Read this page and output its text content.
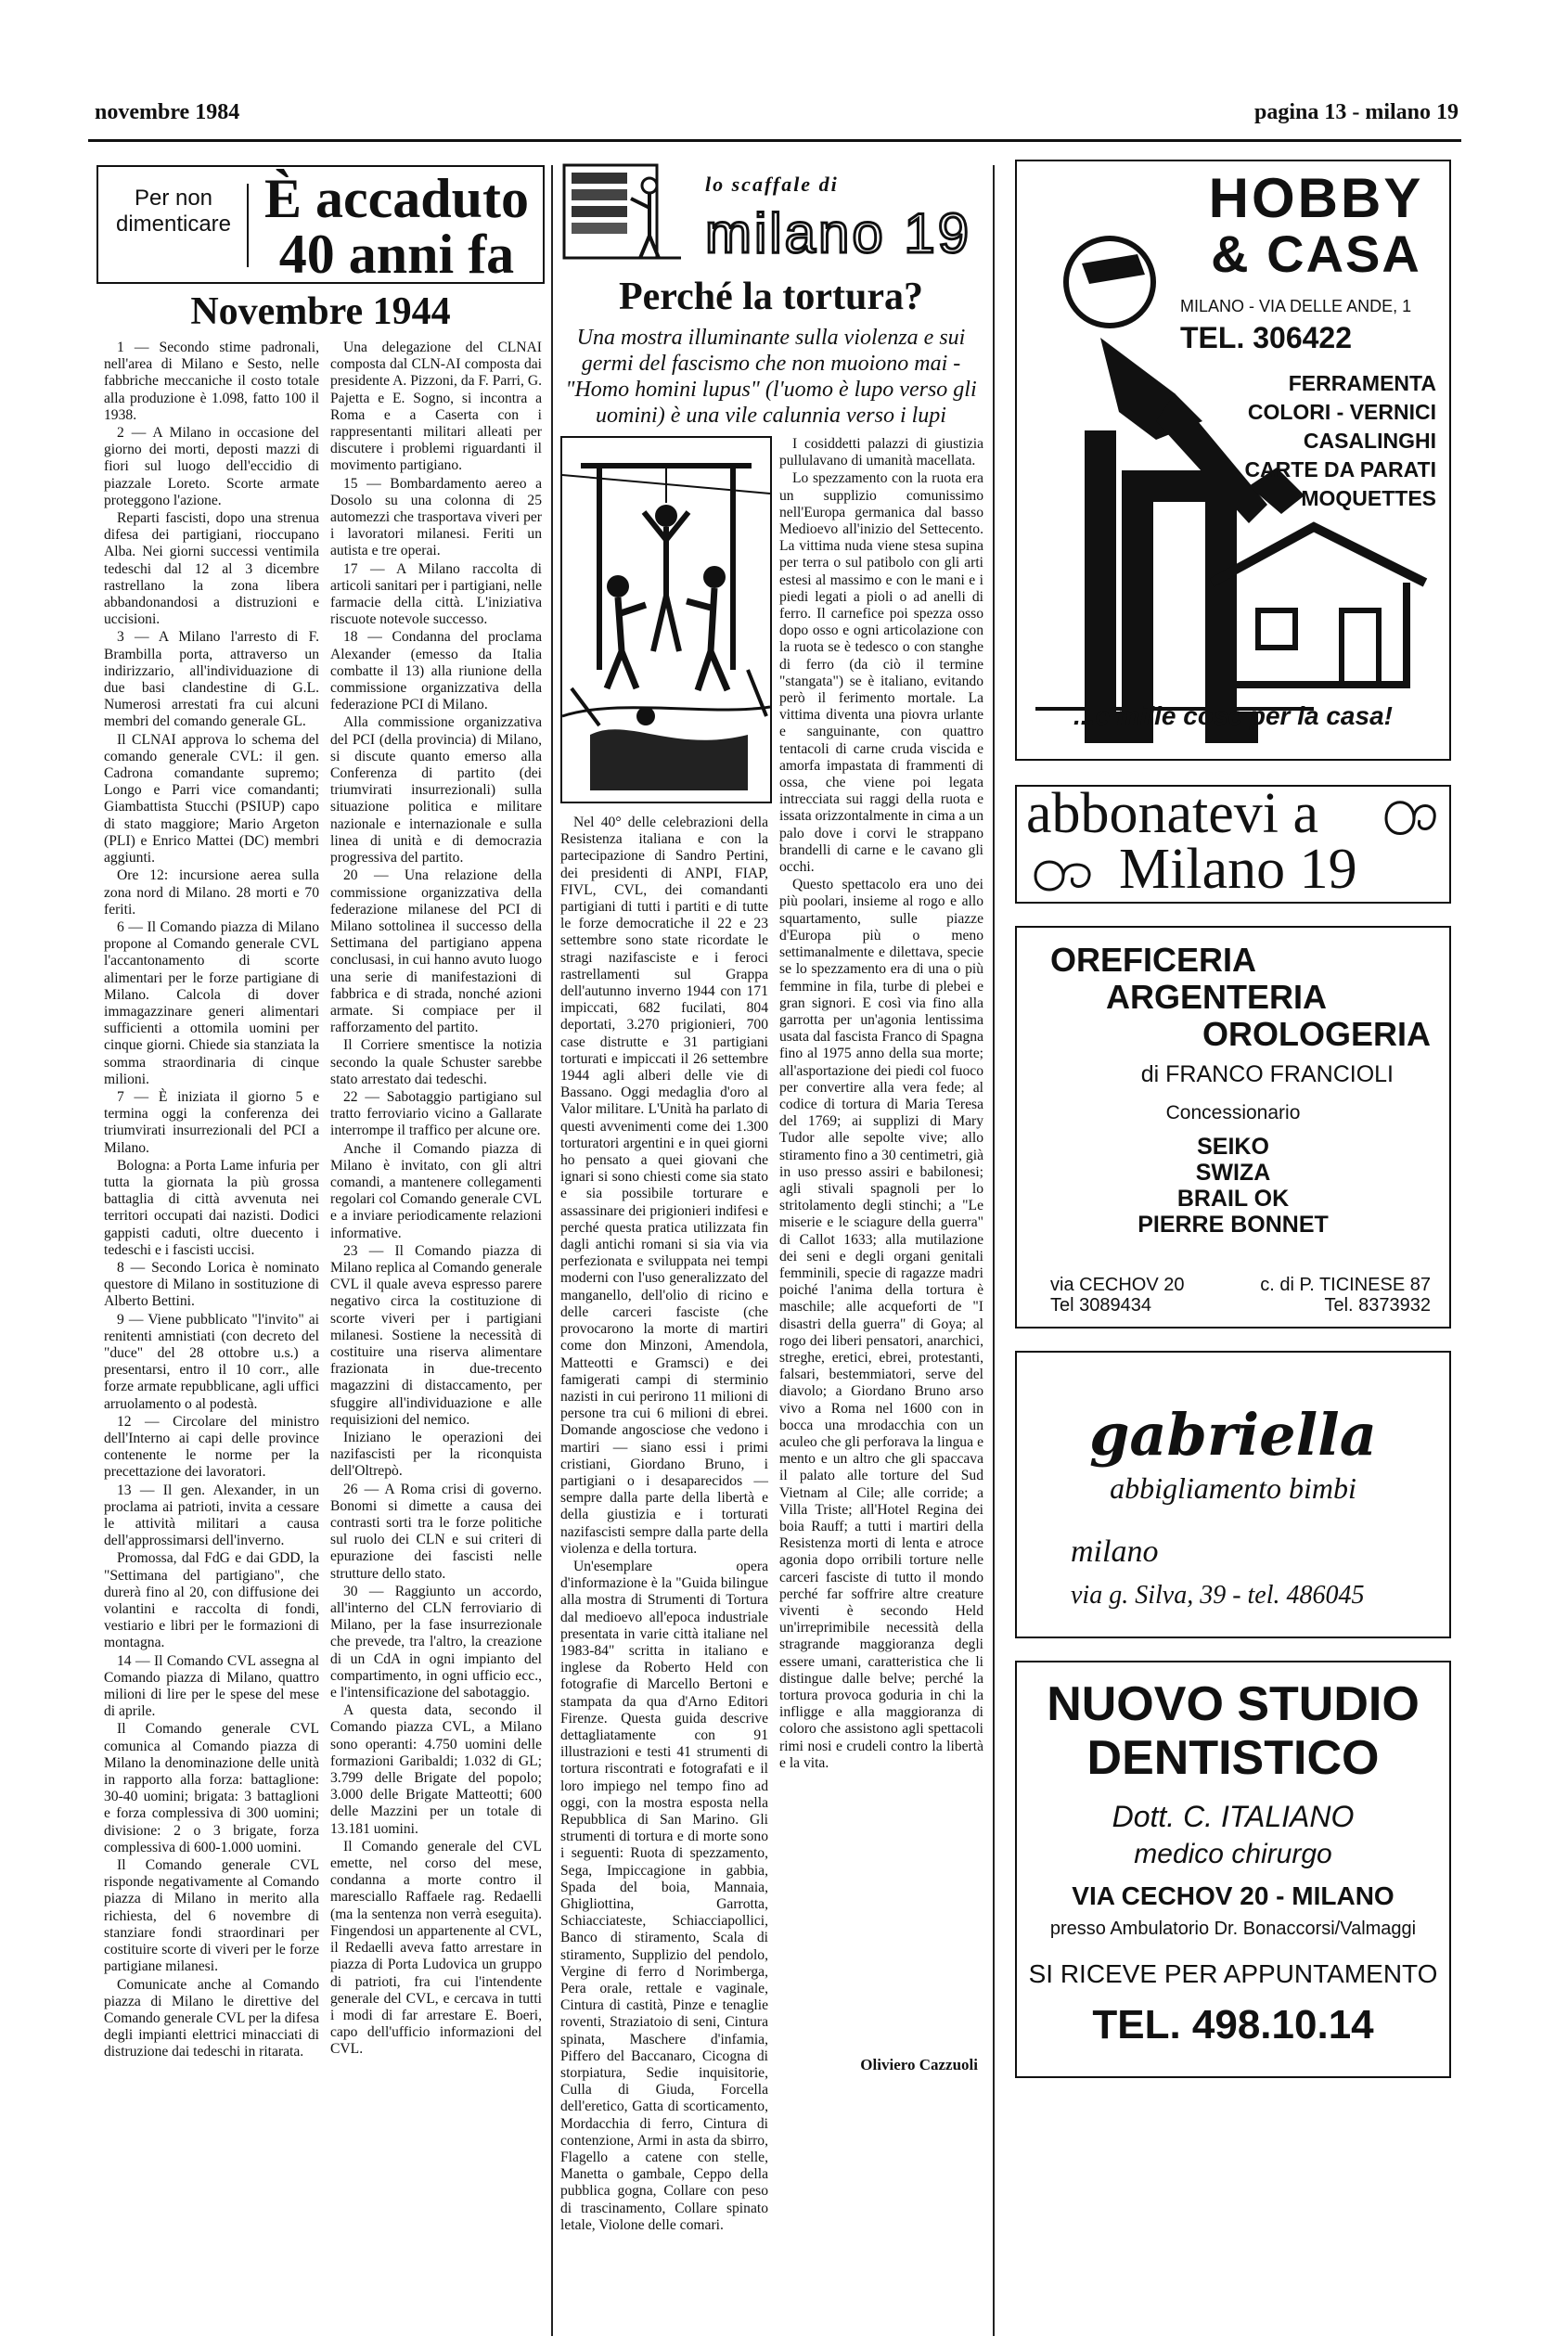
novembre 1984	pagina 13 - milano 19
Per non dimenticare È accaduto
40 anni fa
Novembre 1944

1 — Secondo stime padronali, nell'area di Milano e Sesto, nelle fabbriche meccaniche il costo totale alla produzione è 1.098, fatto 100 il 1938.

2 — A Milano in occasione del giorno dei morti, deposti mazzi di fiori sul luogo dell'eccidio di piazzale Loreto. Scorte armate proteggono l'azione.

Reparti fascisti, dopo una strenua difesa dei partigiani, rioccupano Alba. Nei giorni successi ventimila tedeschi dal 12 al 3 dicembre rastrellano la zona libera abbandonandosi a distruzioni e uccisioni.

3 — A Milano l'arresto di F. Brambilla porta, attraverso un indirizzario, all'individuazione di due basi clandestine di G.L. Numerosi arrestati fra cui alcuni membri del comando generale GL.

Il CLNAI approva lo schema del comando generale CVL: il gen. Cadrona comandante supremo; Longo e Parri vice comandanti; Giambattista Stucchi (PSIUP) capo di stato maggiore; Mario Argeton (PLI) e Enrico Mattei (DC) membri aggiunti.

Ore 12: incursione aerea sulla zona nord di Milano. 28 morti e 70 feriti.

6 — Il Comando piazza di Milano propone al Comando generale CVL l'accantonamento di scorte alimentari per le forze partigiane di Milano. Calcola di dover immagazzinare generi alimentari sufficienti a ottomila uomini per cinque giorni. Chiede sia stanziata la somma straordinaria di cinque milioni.

7 — È iniziata il giorno 5 e termina oggi la conferenza dei triumvirati insurrezionali del PCI a Milano.

Bologna: a Porta Lame infuria per tutta la giornata la più grossa battaglia di città avvenuta nei territori occupati dai nazisti. Dodici gappisti caduti, oltre duecento i tedeschi e i fascisti uccisi.

8 — Secondo Lorica è nominato questore di Milano in sostituzione di Alberto Bettini.

9 — Viene pubblicato "l'invito" ai renitenti amnistiati (con decreto del "duce" del 28 ottobre u.s.) a presentarsi, entro il 10 corr., alle forze armate repubblicane, agli uffici arruolamento o al podestà.

12 — Circolare del ministro dell'Interno ai capi delle province contenente le norme per la precettazione dei lavoratori.

13 — Il gen. Alexander, in un proclama ai patrioti, invita a cessare le attività militari a causa dell'approssimarsi dell'inverno.

Promossa, dal FdG e dai GDD, la "Settimana del partigiano", che durerà fino al 20, con diffusione dei volantini e raccolta di fondi, vestiario e libri per le formazioni di montagna.

14 — Il Comando CVL assegna al Comando piazza di Milano, quattro milioni di lire per le spese del mese di aprile.

Il Comando generale CVL comunica al Comando piazza di Milano la denominazione delle unità in rapporto alla forza: battaglione: 30-40 uomini; brigata: 3 battaglioni e forza complessiva di 300 uomini; divisione: 2 o 3 brigate, forza complessiva di 600-1.000 uomini.

Il Comando generale CVL risponde negativamente al Comando piazza di Milano in merito alla richiesta, del 6 novembre di stanziare fondi straordinari per costituire scorte di viveri per le forze partigiane milanesi.

Comunicate anche al Comando piazza di Milano le direttive del Comando generale CVL per la difesa degli impianti elettrici minacciati di distruzione dai tedeschi in ritarata.

Una delegazione del CLNAI composta dal CLN-AI composta dai presidente A. Pizzoni, da F. Parri, G. Pajetta e E. Sogno, si incontra a Roma e a Caserta con i rappresentanti militari alleati per discutere i problemi riguardanti il movimento partigiano.

15 — Bombardamento aereo a Dosolo su una colonna di 25 automezzi che trasportava viveri per i lavoratori milanesi. Feriti un autista e tre operai.

17 — A Milano raccolta di articoli sanitari per i partigiani, nelle farmacie della città. L'iniziativa riscuote notevole successo.

18 — Condanna del proclama Alexander (emesso da Italia combatte il 13) alla riunione della commissione organizzativa della federazione PCI di Milano.

Alla commissione organizzativa del PCI (della provincia) di Milano, si discute quanto emerso alla Conferenza di partito (dei triumvirati insurrezionali) sulla situazione politica e militare nazionale e internazionale e sulla linea di unità e di democrazia progressiva del partito.

20 — Una relazione della commissione organizzativa della federazione milanese del PCI di Milano sottolinea il successo della Settimana del partigiano appena conclusasi, in cui hanno avuto luogo una serie di manifestazioni di fabbrica e di strada, nonché azioni armate. Si compiace per il rafforzamento del partito.

Il Corriere smentisce la notizia secondo la quale Schuster sarebbe stato arrestato dai tedeschi.

22 — Sabotaggio partigiano sul tratto ferroviario vicino a Gallarate interrompe il traffico per alcune ore.

Anche il Comando piazza di Milano è invitato, con gli altri comandi, a mantenere collegamenti regolari col Comando generale CVL e a inviare periodicamente relazioni informative.

23 — Il Comando piazza di Milano replica al Comando generale CVL il quale aveva espresso parere negativo circa la costituzione di scorte viveri per i partigiani milanesi. Sostiene la necessità di costituire una riserva alimentare frazionata in due-trecento magazzini di distaccamento, per sfuggire all'individuazione e alle requisizioni del nemico.

Iniziano le operazioni dei nazifascisti per la riconquista dell'Oltrepò.

26 — A Roma crisi di governo. Bonomi si dimette a causa dei contrasti sorti tra le forze politiche sul ruolo dei CLN e sui criteri di epurazione dei fascisti nelle strutture dello stato.

30 — Raggiunto un accordo, all'interno del CLN ferroviario di Milano, per la fase insurrezionale che prevede, tra l'altro, la creazione di un CdA in ogni impianto del compartimento, in ogni ufficio ecc., e l'intensificazione del sabotaggio.

A questa data, secondo il Comando piazza CVL, a Milano sono operanti: 4.750 uomini delle formazioni Garibaldi; 1.032 di GL; 3.799 delle Brigate del popolo; 3.000 delle Brigate Matteotti; 600 delle Mazzini per un totale di 13.181 uomini.

Il Comando generale del CVL emette, nel corso del mese, condanna a morte contro il maresciallo Raffaele rag. Redaelli (ma la sentenza non verrà eseguita). Fingendosi un appartenente al CVL, il Redaelli aveva fatto arrestare in piazza di Porta Ludovica un gruppo di patrioti, fra cui l'intendente generale del CVL, e cercava in tutti i modi di far arrestare E. Boeri, capo dell'ufficio informazioni del CVL.

lo scaffale di
milano 19
Perché la tortura?
Una mostra illuminante sulla violenza e sui germi del fascismo che non muoiono mai - "Homo homini lupus" (l'uomo è lupo verso gli uomini) è una vile calunnia verso i lupi

I cosiddetti palazzi di giustizia pullulavano di umanità macellata.

Lo spezzamento con la ruota era un supplizio comunissimo nell'Europa germanica dal basso Medioevo all'inizio del Settecento. La vittima nuda viene stesa supina per terra o sul patibolo con gli arti estesi al massimo e con le mani e i piedi legati a pioli o ad anelli di ferro. Il carnefice poi spezza osso dopo osso e ogni articolazione con la ruota se è tedesco o con stanghe di ferro (da ciò il termine "stangata") se è italiano, evitando però il ferimento mortale. La vittima diventa una piovra urlante e sanguinante, con quattro tentacoli di carne cruda viscida e amorfa impastata di frammenti di ossa, che viene poi legata intrecciata sui raggi della ruota e issata orizzontalmente in cima a un palo dove i corvi le strappano brandelli di carne e le cavano gli occhi.

Questo spettacolo era uno dei più poolari, insieme al rogo e allo squartamento, sulle piazze d'Europa più o meno settimanalmente e dilettava, specie se lo spezzamento era di una o più femmine in fila, turbe di plebei e gran signori. E così via fino alla garrotta per un'agonia lentissima usata dal fascista Franco di Spagna fino al 1975 anno della sua morte; all'asportazione dei piedi col fuoco per convertire alla vera fede; al codice di tortura di Maria Teresa del 1769; ai supplizi di Mary Tudor alle sepolte vive; allo stiramento fino a 30 centimetri, già in uso presso assiri e babilonesi; agli stivali spagnoli per lo stritolamento degli stinchi; a "Le miserie e le sciagure della guerra" di Callot 1633; alla mutilazione dei seni e degli organi genitali femminili, specie di ragazze madri poiché l'anima della tortura è maschile; alle acqueforti de "I disastri della guerra" di Goya; al rogo dei liberi pensatori, anarchici, streghe, eretici, ebrei, protestanti, falsari, bestemmiatori, serve del diavolo; a Giordano Bruno arso vivo a Roma nel 1600 con in bocca una mrodacchia con un aculeo che gli perforava la lingua e mento e un altro che gli spaccava il palato alle torture del Sud Vietnam al Cile; alle corride; a Villa Triste; all'Hotel Regina dei boia Rauff; a tutti i martiri della Resistenza morti di lenta e atroce agonia dopo orribili torture nelle carceri fasciste di tutto il mondo perché far soffrire altre creature viventi è secondo Held un'irreprimibile necessità della stragrande maggioranza degli essere umani, caratteristica che li distingue dalle belve; perché la tortura provoca goduria in chi la infligge e alla maggioranza di coloro che assistono agli spettacoli rimi nosi e crudeli contro la libertà e la vita.

Nel 40° delle celebrazioni della Resistenza italiana e con la partecipazione di Sandro Pertini, dei presidenti di ANPI, FIAP, FIVL, CVL, dei comandanti partigiani di tutti i partiti e di tutte le forze democratiche il 22 e 23 settembre sono state ricordate le stragi nazifasciste e i feroci rastrellamenti sul Grappa dell'autunno inverno 1944 con 171 impiccati, 682 fucilati, 804 deportati, 3.270 prigionieri, 700 case distrutte e 31 partigiani torturati e impiccati il 26 settembre 1944 agli alberi delle vie di Bassano. Oggi medaglia d'oro al Valor militare. L'Unità ha parlato di questi avvenimenti come dei 1.300 torturatori argentini e in quei giorni ho pensato a quei giovani che ignari si sono chiesti come sia stato e sia possibile torturare e assassinare dei prigionieri indifesi e perché questa pratica utilizzata fin dagli antichi romani si sia via via perfezionata e sviluppata nei tempi moderni con l'uso generalizzato del manganello, dell'olio di ricino e delle carceri fasciste (che provocarono la morte di martiri come don Minzoni, Amendola, Matteotti e Gramsci) e dei famigerati campi di sterminio nazisti in cui perirono 11 milioni di persone tra cui 6 milioni di ebrei. Domande angosciose che vedono i martiri — siano essi i primi cristiani, Giordano Bruno, i partigiani o i desaparecidos — sempre dalla parte della libertà e della giustizia e i torturati nazifascisti sempre dalla parte della violenza e della tortura.

Un'esemplare opera d'informazione è la "Guida bilingue alla mostra di Strumenti di Tortura dal medioevo all'epoca industriale presentata in varie città italiane nel 1983-84" scritta in italiano e inglese da Roberto Held con fotografie di Marcello Bertoni e stampata da qua d'Arno Editori Firenze. Questa guida descrive dettagliatamente con 91 illustrazioni e testi 41 strumenti di tortura riscontrati e fotografati e il loro impiego nel tempo fino ad oggi, con la mostra esposta nella Repubblica di San Marino. Gli strumenti di tortura e di morte sono i seguenti: Ruota di spezzamento, Sega, Impiccagione in gabbia, Spada del boia, Mannaia, Ghigliottina, Garrotta, Schiacciateste, Schiacciapollici, Banco di stiramento, Scala di stiramento, Supplizio del pendolo, Vergine di ferro d Norimberga, Pera orale, rettale e vaginale, Cintura di castità, Pinze e tenaglie roventi, Straziatoio di seni, Cintura spinata, Maschere d'infamia, Piffero del Baccanaro, Cicogna di storpiatura, Sedie inquisitorie, Culla di Giuda, Forcella dell'eretico, Gatta di scorticamento, Mordacchia di ferro, Cintura di contenzione, Armi in asta da sbirro, Flagello a catene con stelle, Manetta o gambale, Ceppo della pubblica gogna, Collare con peso di trascinamento, Collare spinato letale, Violone delle comari.

Oliviero Cazzuoli
HOBBY
& CASA
MILANO - VIA DELLE ANDE, 1
TEL. 306422
FERRAMENTA
COLORI - VERNICI
CASALINGHI
CARTE DA PARATI
MOQUETTES
...e mille cose per la casa!
abbonatevi a
Milano 19
OREFICERIA
ARGENTERIA
OROLOGERIA
di FRANCO FRANCIOLI
Concessionario
SEIKO
SWIZA
BRAIL OK
PIERRE BONNET
via CECHOV 20
Tel 3089434
c. di P. TICINESE 87
Tel. 8373932
gabriella
abbigliamento bimbi
milano
via g. Silva, 39 - tel. 486045
NUOVO STUDIO
DENTISTICO
Dott. C. ITALIANO
medico chirurgo
VIA CECHOV 20 - MILANO
presso Ambulatorio Dr. Bonaccorsi/Valmaggi
SI RICEVE PER APPUNTAMENTO
TEL. 498.10.14
